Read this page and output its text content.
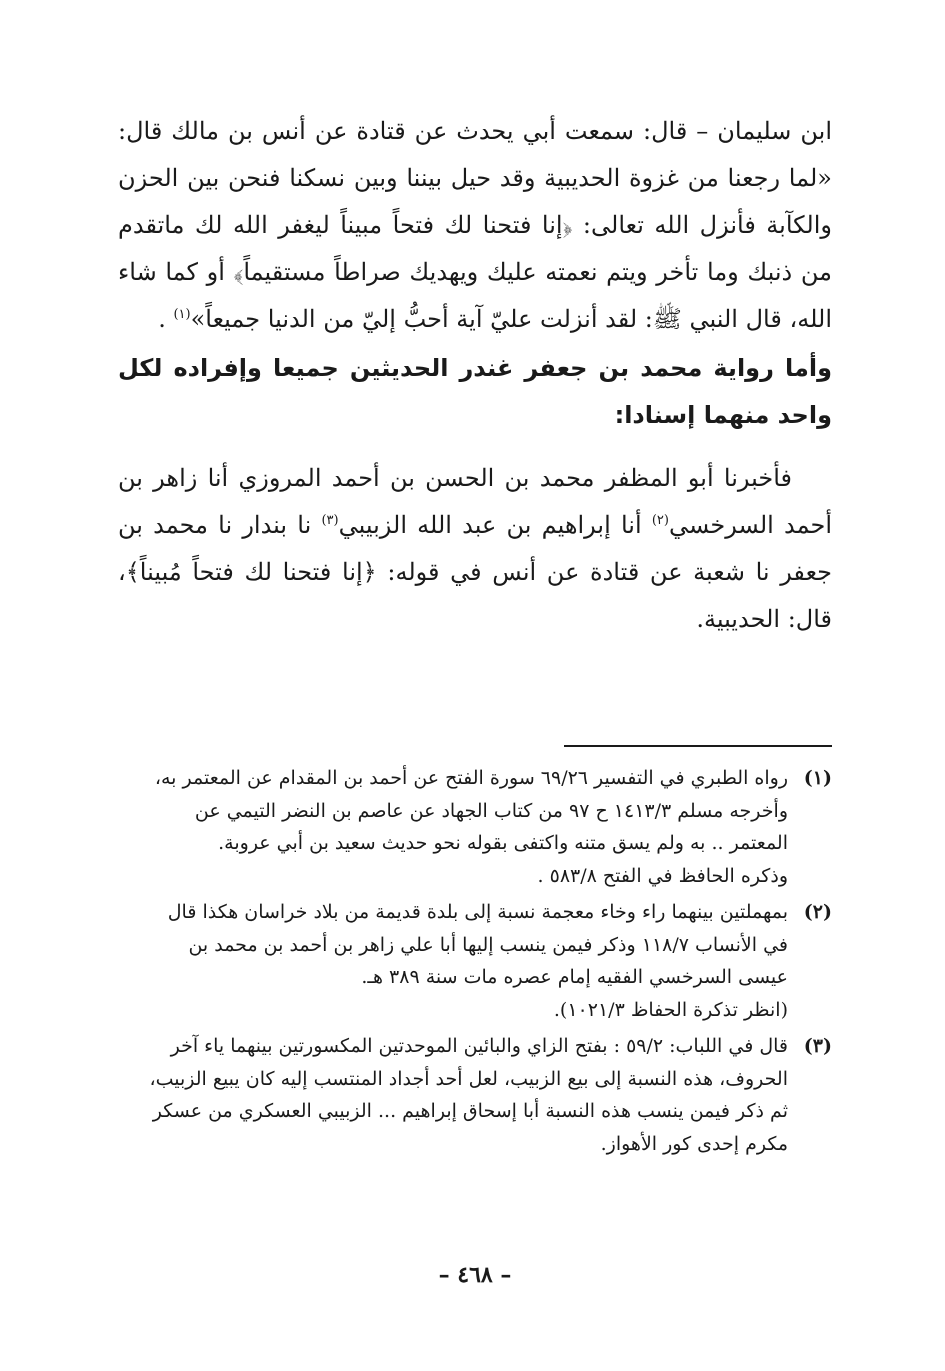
ابن سليمان – قال: سمعت أبي يحدث عن قتادة عن أنس بن مالك قال: «لما رجعنا من غزوة الحديبية وقد حيل بيننا وبين نسكنا فنحن بين الحزن والكآبة فأنزل الله تعالى: ﴿إنا فتحنا لك فتحاً مبيناً ليغفر الله لك ماتقدم من ذنبك وما تأخر ويتم نعمته عليك ويهديك صراطاً مستقيماً﴾ أو كما شاء الله، قال النبي ﷺ: لقد أنزلت عليّ آية أحبُّ إليّ من الدنيا جميعاً»$^{(١)}$ .

وأما رواية محمد بن جعفر غندر الحديثين جميعا وإفراده لكل واحد منهما إسنادا:

فأخبرنا أبو المظفر محمد بن الحسن بن أحمد المروزي أنا زاهر بن أحمد السرخسي$^{(٢)}$ أنا إبراهيم بن عبد الله الزبيبي$^{(٣)}$ نا بندار نا محمد بن جعفر نا شعبة عن قتادة عن أنس في قوله: ﴿إنا فتحنا لك فتحاً مُبيناً﴾، قال: الحديبية.

(١)
رواه الطبري في التفسير ٦٩/٢٦ سورة الفتح عن أحمد بن المقدام عن المعتمر به،
وأخرجه مسلم ١٤١٣/٣ ح ٩٧ من كتاب الجهاد عن عاصم بن النضر التيمي عن
المعتمر .. به ولم يسق متنه واكتفى بقوله نحو حديث سعيد بن أبي عروبة.
وذكره الحافظ في الفتح ٥٨٣/٨ .
(٢)
بمهملتين بينهما راء وخاء معجمة نسبة إلى بلدة قديمة من بلاد خراسان هكذا قال
في الأنساب ١١٨/٧ وذكر فيمن ينسب إليها أبا علي زاهر بن أحمد بن محمد بن
عيسى السرخسي الفقيه إمام عصره مات سنة ٣٨٩ هـ.
(انظر تذكرة الحفاظ ١٠٢١/٣).
(٣)
قال في اللباب: ٥٩/٢ : بفتح الزاي والبائين الموحدتين المكسورتين بينهما ياء آخر
الحروف، هذه النسبة إلى بيع الزبيب، لعل أحد أجداد المنتسب إليه كان يبيع الزبيب،
ثم ذكر فيمن ينسب هذه النسبة أبا إسحاق إبراهيم ... الزبيبي العسكري من عسكر
مكرم إحدى كور الأهواز.
– ٤٦٨ –
